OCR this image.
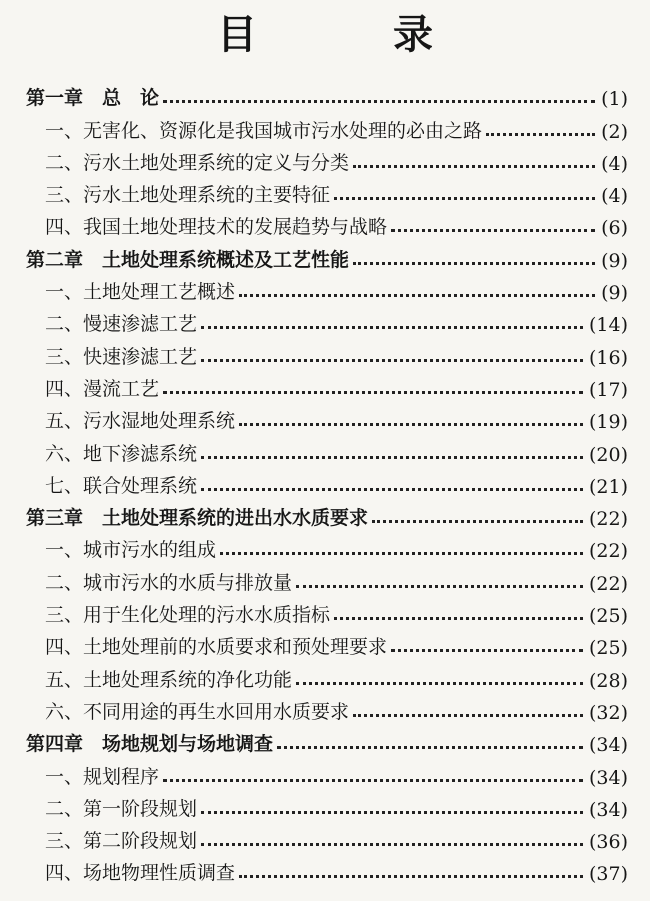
目　录
第一章　总　论	(1)
一、无害化、资源化是我国城市污水处理的必由之路	(2)
二、污水土地处理系统的定义与分类	(4)
三、污水土地处理系统的主要特征	(4)
四、我国土地处理技术的发展趋势与战略	(6)
第二章　土地处理系统概述及工艺性能	(9)
一、土地处理工艺概述	(9)
二、慢速渗滤工艺	(14)
三、快速渗滤工艺	(16)
四、漫流工艺	(17)
五、污水湿地处理系统	(19)
六、地下渗滤系统	(20)
七、联合处理系统	(21)
第三章　土地处理系统的进出水水质要求	(22)
一、城市污水的组成	(22)
二、城市污水的水质与排放量	(22)
三、用于生化处理的污水水质指标	(25)
四、土地处理前的水质要求和预处理要求	(25)
五、土地处理系统的净化功能	(28)
六、不同用途的再生水回用水质要求	(32)
第四章　场地规划与场地调查	(34)
一、规划程序	(34)
二、第一阶段规划	(34)
三、第二阶段规划	(36)
四、场地物理性质调查	(37)
